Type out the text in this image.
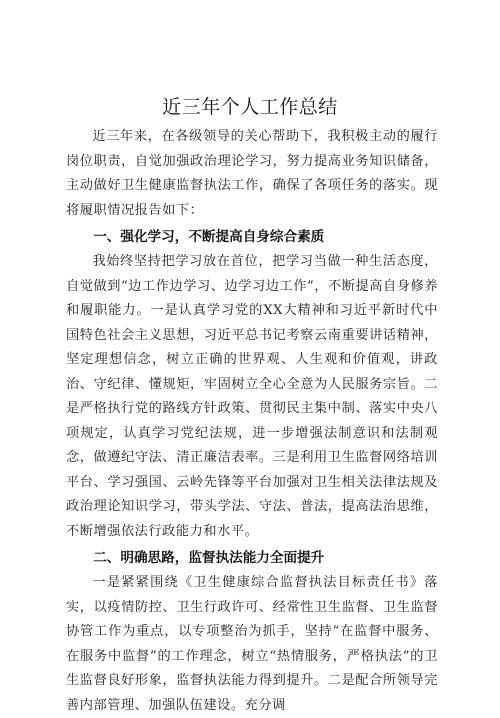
近三年个人工作总结

近三年来，在各级领导的关心帮助下，我积极主动的履行岗位职责，自觉加强政治理论学习，努力提高业务知识储备，主动做好卫生健康监督执法工作，确保了各项任务的落实。现将履职情况报告如下：

一、强化学习，不断提高自身综合素质

我始终坚持把学习放在首位，把学习当做一种生活态度，自觉做到“边工作边学习、边学习边工作”，不断提高自身修养和履职能力。一是认真学习党的XX大精神和习近平新时代中国特色社会主义思想，习近平总书记考察云南重要讲话精神，坚定理想信念，树立正确的世界观、人生观和价值观，讲政治、守纪律、懂规矩，牢固树立全心全意为人民服务宗旨。二是严格执行党的路线方针政策、贯彻民主集中制、落实中央八项规定，认真学习党纪法规，进一步增强法制意识和法制观念，做遵纪守法、清正廉洁表率。三是利用卫生监督网络培训平台、学习强国、云岭先锋等平台加强对卫生相关法律法规及政治理论知识学习，带头学法、守法、普法，提高法治思维，不断增强依法行政能力和水平。

二、明确思路，监督执法能力全面提升

一是紧紧围绕《卫生健康综合监督执法目标责任书》落实，以疫情防控、卫生行政许可、经常性卫生监督、卫生监督协管工作为重点，以专项整治为抓手，坚持“在监督中服务、在服务中监督”的工作理念，树立“热情服务，严格执法”的卫生监督良好形象，监督执法能力得到提升。二是配合所领导完善内部管理、加强队伍建设。充分调
